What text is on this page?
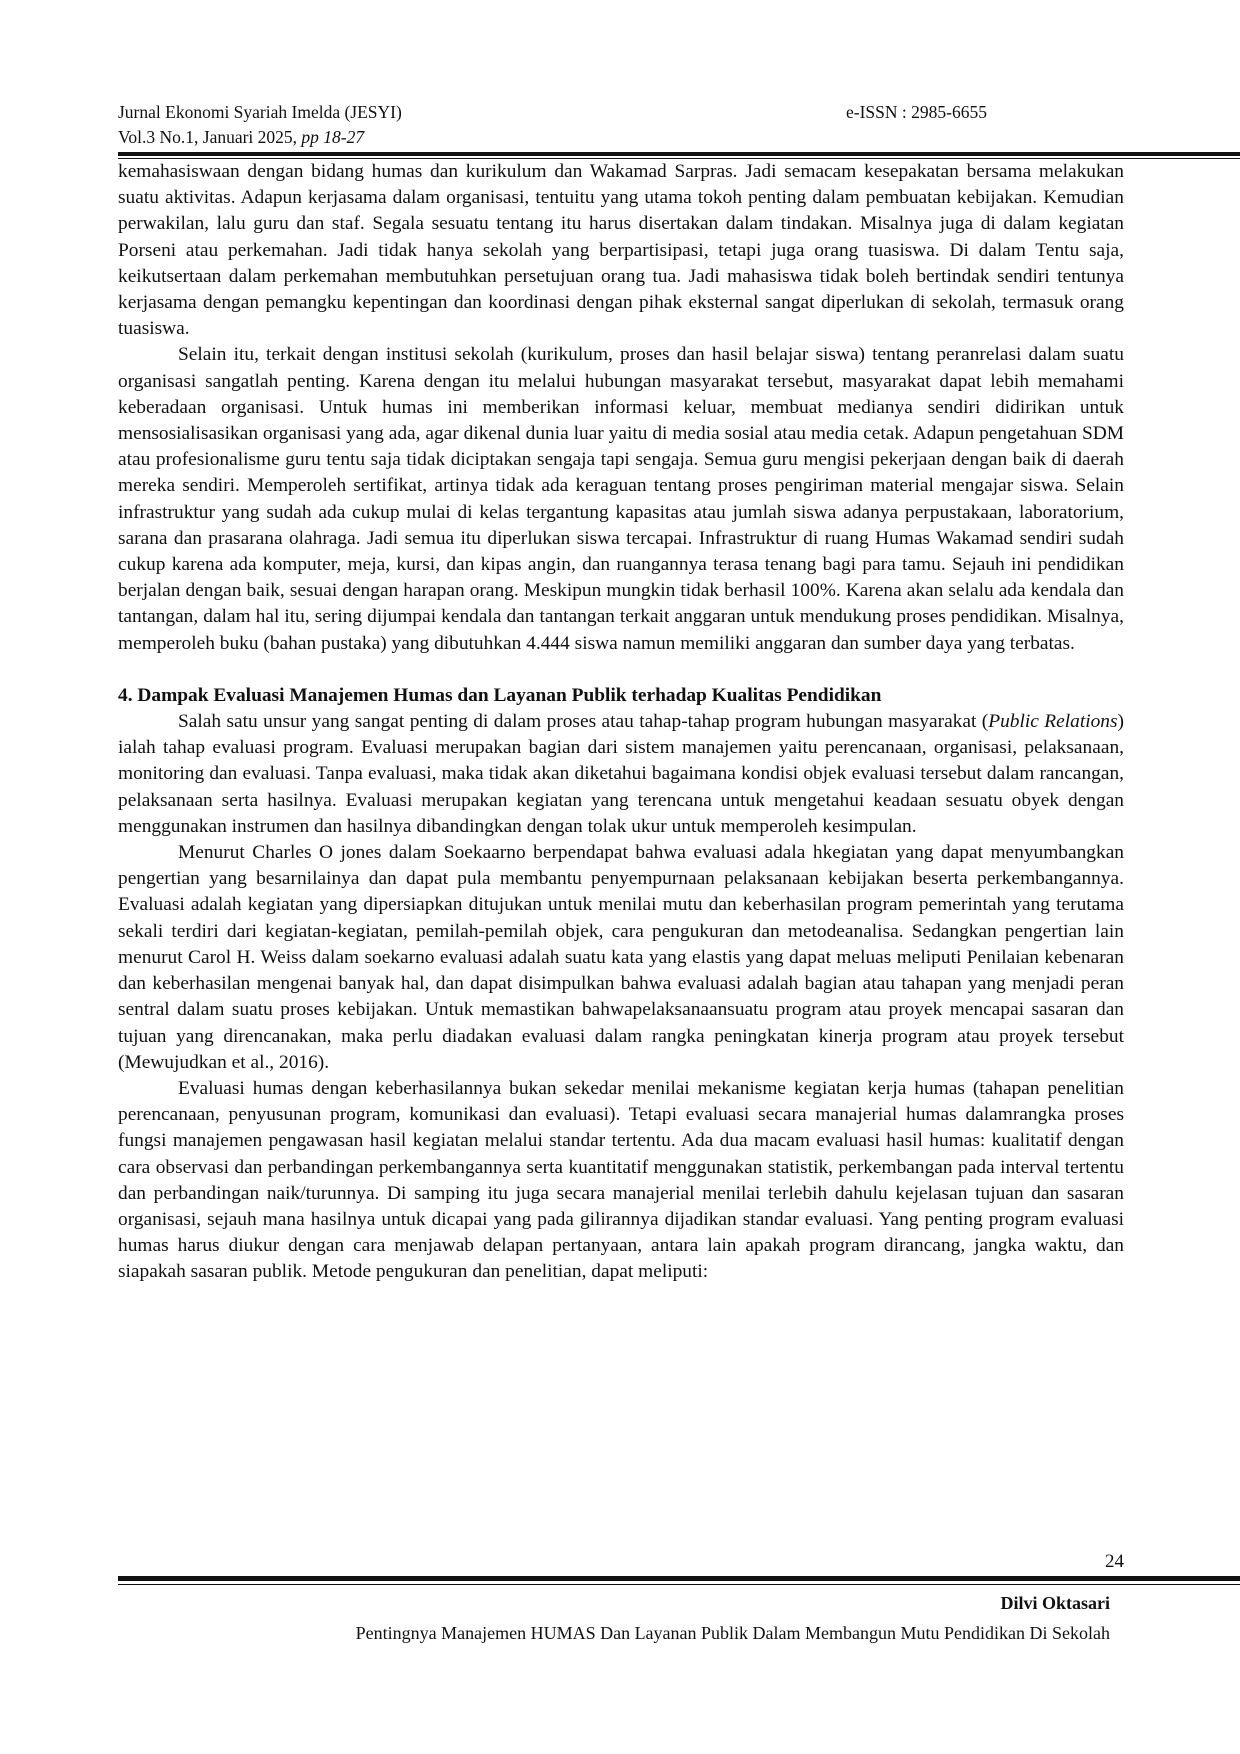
Jurnal Ekonomi Syariah Imelda (JESYI)	e-ISSN : 2985-6655
Vol.3 No.1, Januari 2025, pp 18-27

kemahasiswaan dengan bidang humas dan kurikulum dan Wakamad Sarpras. Jadi semacam kesepakatan bersama melakukan suatu aktivitas. Adapun kerjasama dalam organisasi, tentuitu yang utama tokoh penting dalam pembuatan kebijakan. Kemudian perwakilan, lalu guru dan staf. Segala sesuatu tentang itu harus disertakan dalam tindakan. Misalnya juga di dalam kegiatan Porseni atau perkemahan. Jadi tidak hanya sekolah yang berpartisipasi, tetapi juga orang tuasiswa. Di dalam Tentu saja, keikutsertaan dalam perkemahan membutuhkan persetujuan orang tua. Jadi mahasiswa tidak boleh bertindak sendiri tentunya kerjasama dengan pemangku kepentingan dan koordinasi dengan pihak eksternal sangat diperlukan di sekolah, termasuk orang tuasiswa.

Selain itu, terkait dengan institusi sekolah (kurikulum, proses dan hasil belajar siswa) tentang peranrelasi dalam suatu organisasi sangatlah penting. Karena dengan itu melalui hubungan masyarakat tersebut, masyarakat dapat lebih memahami keberadaan organisasi. Untuk humas ini memberikan informasi keluar, membuat medianya sendiri didirikan untuk mensosialisasikan organisasi yang ada, agar dikenal dunia luar yaitu di media sosial atau media cetak. Adapun pengetahuan SDM atau profesionalisme guru tentu saja tidak diciptakan sengaja tapi sengaja. Semua guru mengisi pekerjaan dengan baik di daerah mereka sendiri. Memperoleh sertifikat, artinya tidak ada keraguan tentang proses pengiriman material mengajar siswa. Selain infrastruktur yang sudah ada cukup mulai di kelas tergantung kapasitas atau jumlah siswa adanya perpustakaan, laboratorium, sarana dan prasarana olahraga. Jadi semua itu diperlukan siswa tercapai. Infrastruktur di ruang Humas Wakamad sendiri sudah cukup karena ada komputer, meja, kursi, dan kipas angin, dan ruangannya terasa tenang bagi para tamu. Sejauh ini pendidikan berjalan dengan baik, sesuai dengan harapan orang. Meskipun mungkin tidak berhasil 100%. Karena akan selalu ada kendala dan tantangan, dalam hal itu, sering dijumpai kendala dan tantangan terkait anggaran untuk mendukung proses pendidikan. Misalnya, memperoleh buku (bahan pustaka) yang dibutuhkan 4.444 siswa namun memiliki anggaran dan sumber daya yang terbatas.

4. Dampak Evaluasi Manajemen Humas dan Layanan Publik terhadap Kualitas Pendidikan

Salah satu unsur yang sangat penting di dalam proses atau tahap-tahap program hubungan masyarakat (Public Relations) ialah tahap evaluasi program. Evaluasi merupakan bagian dari sistem manajemen yaitu perencanaan, organisasi, pelaksanaan, monitoring dan evaluasi. Tanpa evaluasi, maka tidak akan diketahui bagaimana kondisi objek evaluasi tersebut dalam rancangan, pelaksanaan serta hasilnya. Evaluasi merupakan kegiatan yang terencana untuk mengetahui keadaan sesuatu obyek dengan menggunakan instrumen dan hasilnya dibandingkan dengan tolak ukur untuk memperoleh kesimpulan.

Menurut Charles O jones dalam Soekaarno berpendapat bahwa evaluasi adala hkegiatan yang dapat menyumbangkan pengertian yang besarnilainya dan dapat pula membantu penyempurnaan pelaksanaan kebijakan beserta perkembangannya. Evaluasi adalah kegiatan yang dipersiapkan ditujukan untuk menilai mutu dan keberhasilan program pemerintah yang terutama sekali terdiri dari kegiatan-kegiatan, pemilah-pemilah objek, cara pengukuran dan metodeanalisa. Sedangkan pengertian lain menurut Carol H. Weiss dalam soekarno evaluasi adalah suatu kata yang elastis yang dapat meluas meliputi Penilaian kebenaran dan keberhasilan mengenai banyak hal, dan dapat disimpulkan bahwa evaluasi adalah bagian atau tahapan yang menjadi peran sentral dalam suatu proses kebijakan. Untuk memastikan bahwapelaksanaansuatu program atau proyek mencapai sasaran dan tujuan yang direncanakan, maka perlu diadakan evaluasi dalam rangka peningkatan kinerja program atau proyek tersebut (Mewujudkan et al., 2016).

Evaluasi humas dengan keberhasilannya bukan sekedar menilai mekanisme kegiatan kerja humas (tahapan penelitian perencanaan, penyusunan program, komunikasi dan evaluasi). Tetapi evaluasi secara manajerial humas dalamrangka proses fungsi manajemen pengawasan hasil kegiatan melalui standar tertentu. Ada dua macam evaluasi hasil humas: kualitatif dengan cara observasi dan perbandingan perkembangannya serta kuantitatif menggunakan statistik, perkembangan pada interval tertentu dan perbandingan naik/turunnya. Di samping itu juga secara manajerial menilai terlebih dahulu kejelasan tujuan dan sasaran organisasi, sejauh mana hasilnya untuk dicapai yang pada gilirannya dijadikan standar evaluasi. Yang penting program evaluasi humas harus diukur dengan cara menjawab delapan pertanyaan, antara lain apakah program dirancang, jangka waktu, dan siapakah sasaran publik. Metode pengukuran dan penelitian, dapat meliputi:

24
Dilvi Oktasari
Pentingnya Manajemen HUMAS Dan Layanan Publik Dalam Membangun Mutu Pendidikan Di Sekolah
